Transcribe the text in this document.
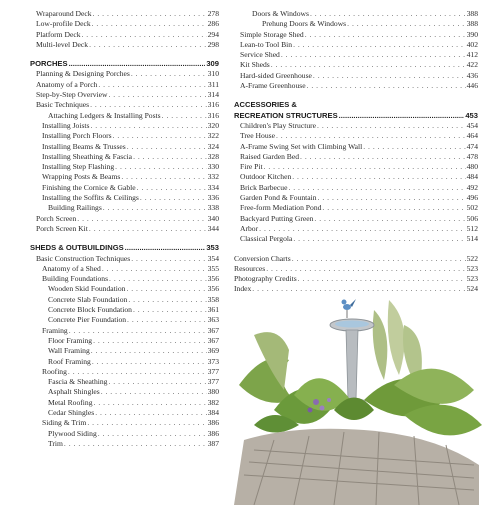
Wraparound Deck . . .	278
Low-profile Deck . . .	286
Platform Deck . . .	294
Multi-level Deck . . .	298
PORCHES .....	309
Planning & Designing Porches . . .	310
Anatomy of a Porch . . .	311
Step-by-Step Overview . . .	314
Basic Techniques . . .	316
Attaching Ledgers & Installing Posts . . .	316
Installing Joists . . .	320
Installing Porch Floors . . .	322
Installing Beams & Trusses . . .	324
Installing Sheathing & Fascia . . .	328
Installing Step Flashing . . .	330
Wrapping Posts & Beams . . .	332
Finishing the Cornice & Gable . . .	334
Installing the Soffits & Ceilings . . .	336
Building Railings . . .	338
Porch Screen . . .	340
Porch Screen Kit . . .	344
SHEDS & OUTBUILDINGS .....	353
Basic Construction Techniques . . .	354
Anatomy of a Shed . . .	355
Building Foundations . . .	356
Wooden Skid Foundation . . .	356
Concrete Slab Foundation . . .	358
Concrete Block Foundation . . .	361
Concrete Pier Foundation . . .	363
Framing . . .	367
Floor Framing . . .	367
Wall Framing . . .	369
Roof Framing . . .	373
Roofing . . .	377
Fascia & Sheathing . . .	377
Asphalt Shingles . . .	380
Metal Roofing . . .	382
Cedar Shingles . . .	384
Siding & Trim . . .	386
Plywood Siding . . .	386
Trim . . .	387
Doors & Windows . . .	388
Prehung Doors & Windows . . .	388
Simple Storage Shed . . .	390
Lean-to Tool Bin . . .	402
Service Shed . . .	412
Kit Sheds . . .	422
Hard-sided Greenhouse . . .	436
A-Frame Greenhouse . . .	446
ACCESSORIES &
RECREATION STRUCTURES .....	453
Children's Play Structure . . .	454
Tree House . . .	464
A-Frame Swing Set with Climbing Wall . . .	474
Raised Garden Bed . . .	478
Fire Pit . . .	480
Outdoor Kitchen . . .	484
Brick Barbecue . . .	492
Garden Pond & Fountain . . .	496
Free-form Mediation Pond . . .	502
Backyard Putting Green . . .	506
Arbor . . .	512
Classical Pergola . . .	514
Conversion Charts . . .	522
Resources . . .	523
Photography Credits . . .	523
Index . . .	524
